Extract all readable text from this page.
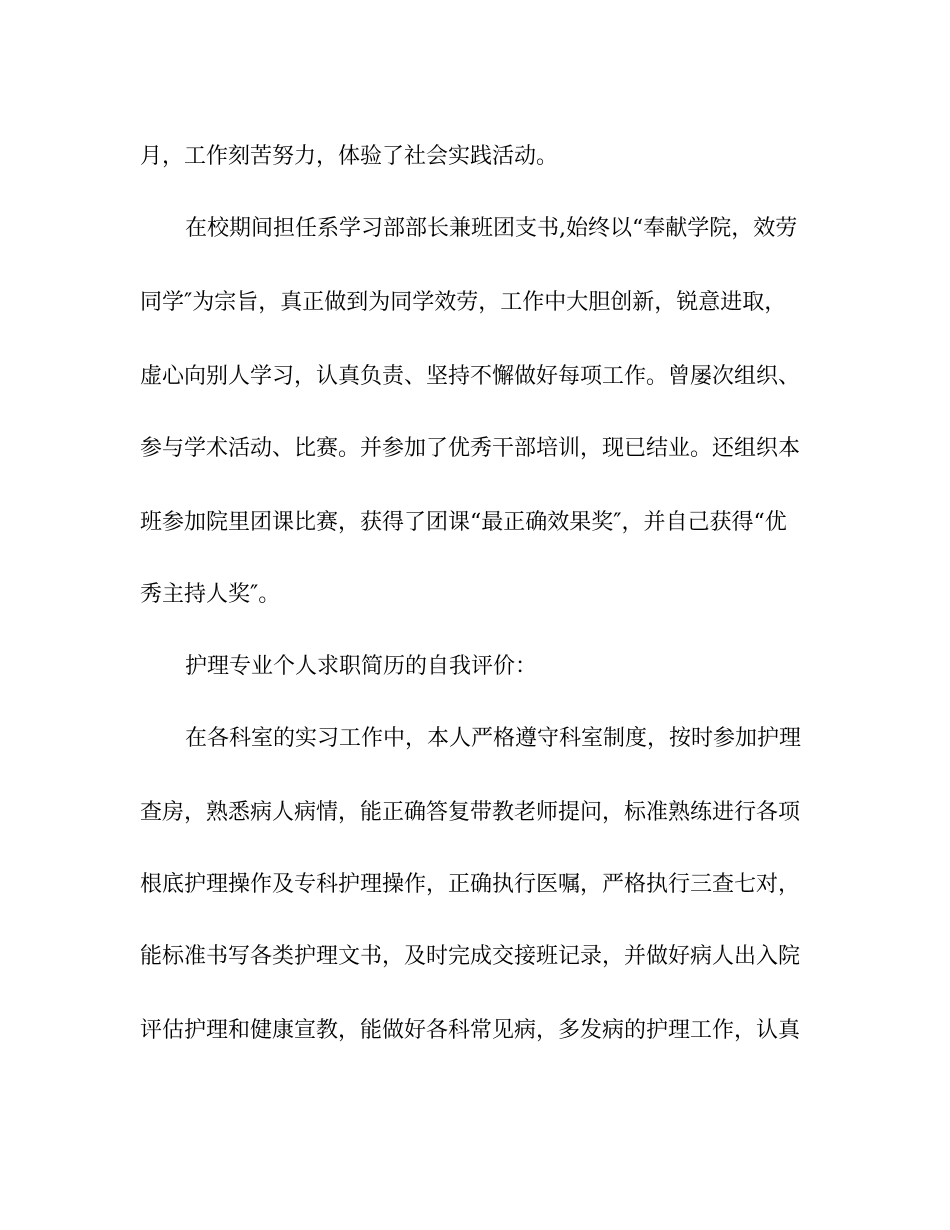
月，工作刻苦努力，体验了社会实践活动。
在校期间担任系学习部部长兼班团支书,始终以“奉献学院，效劳
同学″为宗旨，真正做到为同学效劳，工作中大胆创新，锐意进取，
虚心向别人学习，认真负责、坚持不懈做好每项工作。曾屡次组织、
参与学术活动、比赛。并参加了优秀干部培训，现已结业。还组织本
班参加院里团课比赛，获得了团课“最正确效果奖″，并自己获得“优
秀主持人奖″。
护理专业个人求职简历的自我评价：
在各科室的实习工作中，本人严格遵守科室制度，按时参加护理
查房，熟悉病人病情，能正确答复带教老师提问，标准熟练进行各项
根底护理操作及专科护理操作，正确执行医嘱，严格执行三查七对，
能标准书写各类护理文书，及时完成交接班记录，并做好病人出入院
评估护理和健康宣教，能做好各科常见病，多发病的护理工作，认真
